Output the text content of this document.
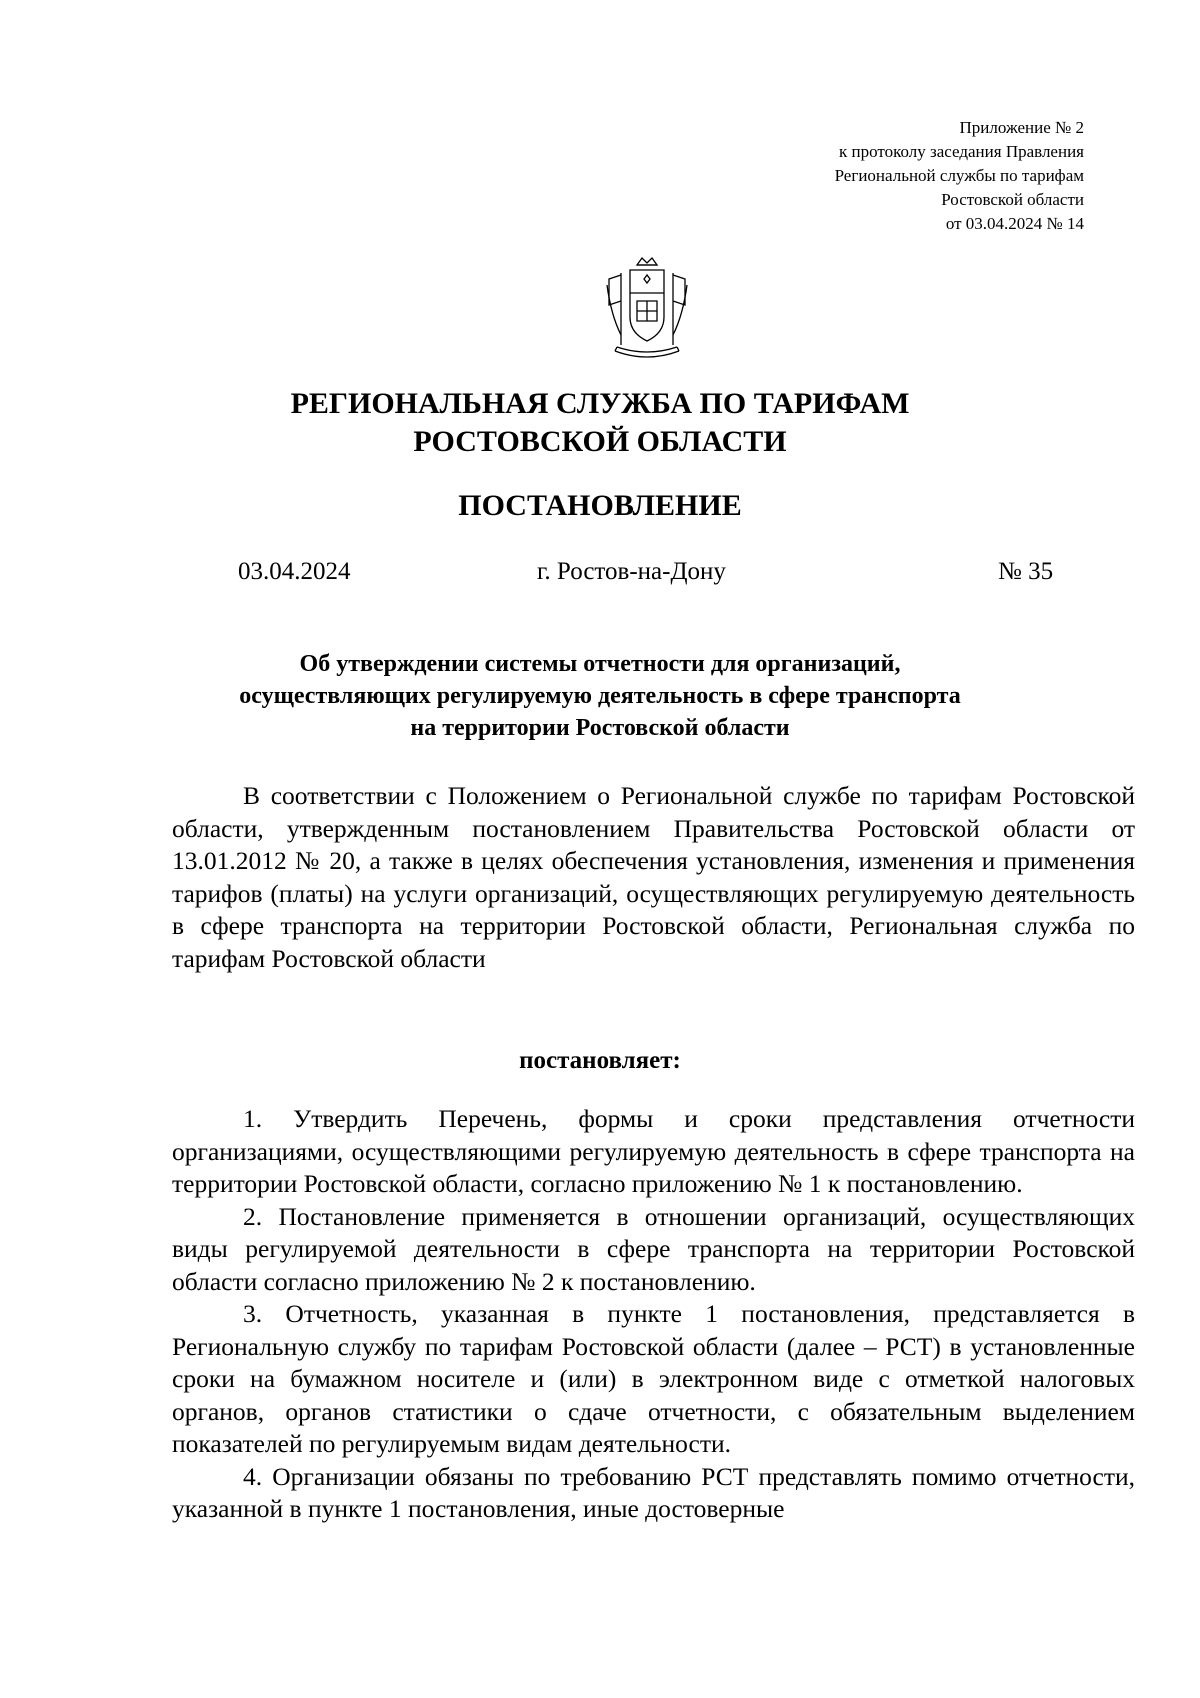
Приложение № 2
к протоколу заседания Правления
Региональной службы по тарифам
Ростовской области
от 03.04.2024 № 14
РЕГИОНАЛЬНАЯ СЛУЖБА ПО ТАРИФАМ
РОСТОВСКОЙ ОБЛАСТИ
ПОСТАНОВЛЕНИЕ
03.04.2024	г. Ростов-на-Дону	№ 35
Об утверждении системы отчетности для организаций,
осуществляющих регулируемую деятельность в сфере транспорта
на территории Ростовской области

В соответствии с Положением о Региональной службе по тарифам Ростовской области, утвержденным постановлением Правительства Ростовской области от 13.01.2012 № 20, а также в целях обеспечения установления, изменения и применения тарифов (платы) на услуги организаций, осуществляющих регулируемую деятельность в сфере транспорта на территории Ростовской области, Региональная служба по тарифам Ростовской области

постановляет:

1. Утвердить Перечень, формы и сроки представления отчетности организациями, осуществляющими регулируемую деятельность в сфере транспорта на территории Ростовской области, согласно приложению № 1 к постановлению.

2. Постановление применяется в отношении организаций, осуществляющих виды регулируемой деятельности в сфере транспорта на территории Ростовской области согласно приложению № 2 к постановлению.

3. Отчетность, указанная в пункте 1 постановления, представляется в Региональную службу по тарифам Ростовской области (далее – РСТ) в установленные сроки на бумажном носителе и (или) в электронном виде с отметкой налоговых органов, органов статистики о сдаче отчетности, с обязательным выделением показателей по регулируемым видам деятельности.

4. Организации обязаны по требованию РСТ представлять помимо отчетности, указанной в пункте 1 постановления, иные достоверные
